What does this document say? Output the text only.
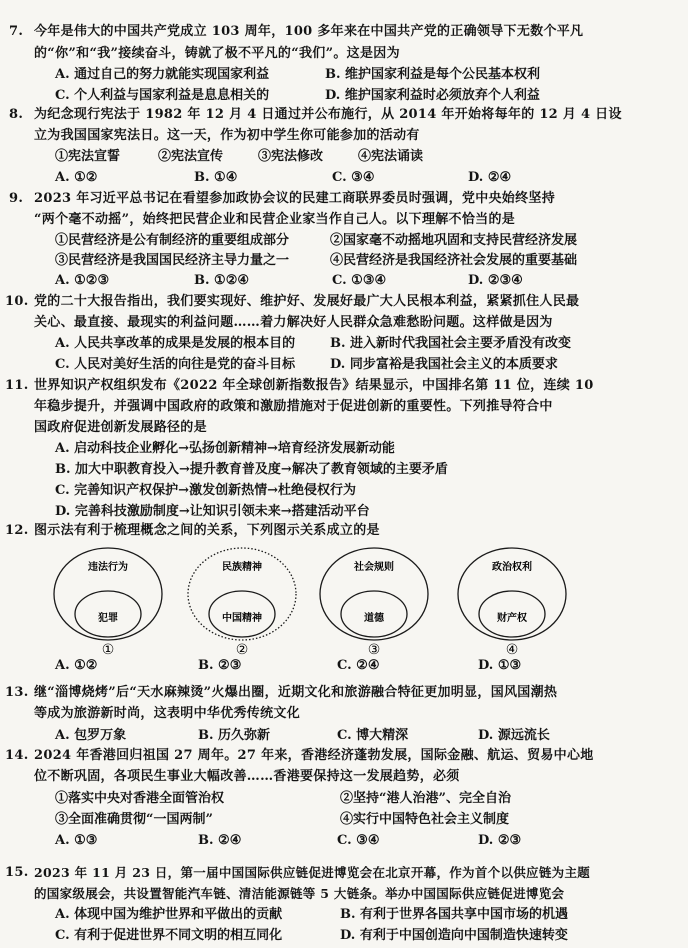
7. 今年是伟大的中国共产党成立 103 周年，100 多年来在中国共产党的正确领导下无数个平凡
的“你”和“我”接续奋斗，铸就了极不平凡的“我们”。这是因为
A. 通过自己的努力就能实现国家利益	B. 维护国家利益是每个公民基本权利
C. 个人利益与国家利益是息息相关的	D. 维护国家利益时必须放弃个人利益
8. 为纪念现行宪法于 1982 年 12 月 4 日通过并公布施行，从 2014 年开始将每年的 12 月 4 日设
立为我国国家宪法日。这一天，作为初中学生你可能参加的活动有
①宪法宣誓	②宪法宣传	③宪法修改	④宪法诵读
A. ①②	B. ①④	C. ③④	D. ②④
9. 2023 年习近平总书记在看望参加政协会议的民建工商联界委员时强调，党中央始终坚持
“两个毫不动摇”，始终把民营企业和民营企业家当作自己人。以下理解不恰当的是
①民营经济是公有制经济的重要组成部分	②国家毫不动摇地巩固和支持民营经济发展
③民营经济是我国国民经济主导力量之一	④民营经济是我国经济社会发展的重要基础
A. ①②③	B. ①②④	C. ①③④	D. ②③④
10. 党的二十大报告指出，我们要实现好、维护好、发展好最广大人民根本利益，紧紧抓住人民最
关心、最直接、最现实的利益问题……着力解决好人民群众急难愁盼问题。这样做是因为
A. 人民共享改革的成果是发展的根本目的	B. 进入新时代我国社会主要矛盾没有改变
C. 人民对美好生活的向往是党的奋斗目标	D. 同步富裕是我国社会主义的本质要求
11. 世界知识产权组织发布《2022 年全球创新指数报告》结果显示，中国排名第 11 位，连续 10
年稳步提升，并强调中国政府的政策和激励措施对于促进创新的重要性。下列推导符合中
国政府促进创新发展路径的是
A. 启动科技企业孵化→弘扬创新精神→培育经济发展新动能
B. 加大中职教育投入→提升教育普及度→解决了教育领域的主要矛盾
C. 完善知识产权保护→激发创新热情→杜绝侵权行为
D. 完善科技激励制度→让知识引领未来→搭建活动平台
12. 图示法有利于梳理概念之间的关系，下列图示关系成立的是
违法行为
犯罪
①
民族精神
中国精神
②
社会规则
道德
③
政治权利
财产权
④
A. ①②	B. ②③	C. ②④	D. ①③
13. 继“淄博烧烤”后“天水麻辣烫”火爆出圈，近期文化和旅游融合特征更加明显，国风国潮热
等成为旅游新时尚，这表明中华优秀传统文化
A. 包罗万象	B. 历久弥新	C. 博大精深	D. 源远流长
14. 2024 年香港回归祖国 27 周年。27 年来，香港经济蓬勃发展，国际金融、航运、贸易中心地
位不断巩固，各项民生事业大幅改善……香港要保持这一发展趋势，必须
①落实中央对香港全面管治权	②坚持“港人治港”、完全自治
③全面准确贯彻“一国两制”	④实行中国特色社会主义制度
A. ①③	B. ②④	C. ③④	D. ②③
15. 2023 年 11 月 23 日，第一届中国国际供应链促进博览会在北京开幕，作为首个以供应链为主题
的国家级展会，共设置智能汽车链、清洁能源链等 5 大链条。举办中国国际供应链促进博览会
A. 体现中国为维护世界和平做出的贡献	B. 有利于世界各国共享中国市场的机遇
C. 有利于促进世界不同文明的相互同化	D. 有利于中国创造向中国制造快速转变
